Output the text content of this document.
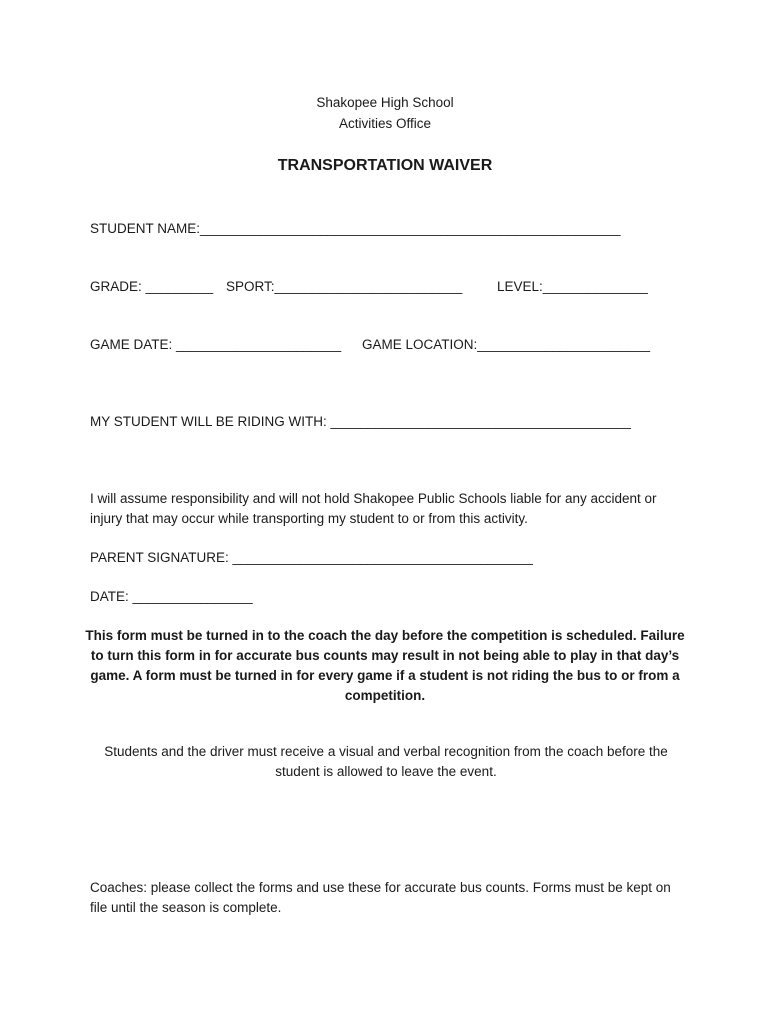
Shakopee High School
Activities Office
TRANSPORTATION WAIVER
STUDENT NAME:________________________________________________________
GRADE: _________ SPORT:_________________________	LEVEL:______________
GAME DATE: ______________________ GAME LOCATION:_______________________
MY STUDENT WILL BE RIDING WITH: ________________________________________
I will assume responsibility and will not hold Shakopee Public Schools liable for any accident or injury that may occur while transporting my student to or from this activity.
PARENT SIGNATURE: ________________________________________
DATE: ________________
This form must be turned in to the coach the day before the competition is scheduled. Failure to turn this form in for accurate bus counts may result in not being able to play in that day’s game. A form must be turned in for every game if a student is not riding the bus to or from a competition.
Students and the driver must receive a visual and verbal recognition from the coach before the student is allowed to leave the event.
Coaches: please collect the forms and use these for accurate bus counts. Forms must be kept on file until the season is complete.
